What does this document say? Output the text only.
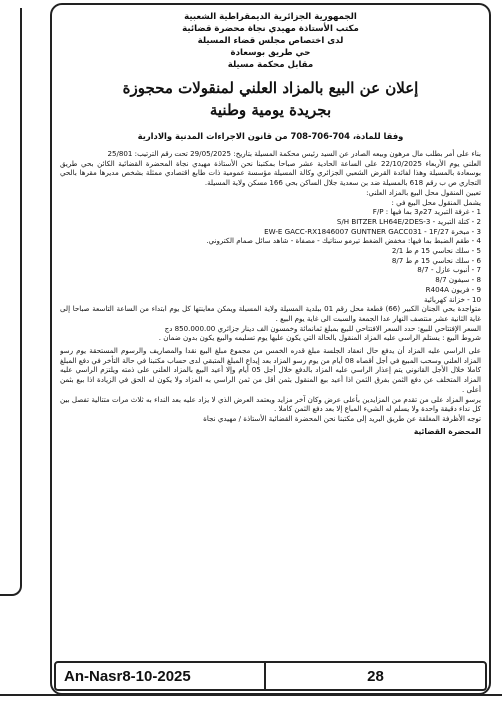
الجمهورية الجزائرية الديمقراطية الشعبية
مكتب الأستاذة مهيدي نجاة محضرة قضائية
لدى اختصاص مجلس قضاء المسيلة
حي طريق بوسعادة
مقابل محكمة مسيلة
إعلان عن البيع بالمزاد العلني لمنقولات محجوزة
بجريدة يومية وطنية
وفقا للمادة، 704-706-708 من قانون الاجراءات المدنية والادارية

بناء على أمر بطلب مال مرهون وبيعه الصادر عن السيد رئيس محكمة المسيلة بتاريخ: 29/05/2025 تحت رقم الترتيب: 25/801

العلني يوم الأربعاء 22/10/2025 على الساعة الحادية عشر صباحا بمكتبنا نحن الأستاذة مهيدي نجاة المحضرة القضائية الكائن بحي طريق بوسعادة بالمسيلة وهذا لفائدة القرض الشعبي الجزائري وكالة المسيلة مؤسسة عمومية ذات طابع اقتصادي ممثلة بشخص مديرها مقرها بالحي التجاري ص ب رقم 618 بالمسيلة ضد بن سعدية جلال الساكن بحي 166 مسكن ولاية المسيلة.

تعيين المنقول محل البيع بالمزاد العلني:

يشمل المنقول محل البيع في :

1 - غرفة التبريد 27م3 بما فيها : F/P

2 - كتلة التبريد - S/H BITZER LH64E/2DES-3

3 - مبخرة EW-E GACC-RX1846007 GUNTNER GACC031 - 1F/27

4 - طقم الضبط بما فيها: مخفض الضغط تيرمو ستاتيك - مصفاة - شاهد سائل صمام الكتروني.

5 - سلك نحاسي 15 م ط 2/1

6 - سلك نحاسي 15 م ط 8/7

7 - أنبوب عازل - 8/7

8 - سيفون 8/7

9 - فريون R404A

10 - خزانة كهربائية

متواجدة بحي الجنان الكبير (66) قطعة محل رقم 01 ببلدية المسيلة ولاية المسيلة ويمكن معاينتها كل يوم ابتداء من الساعة التاسعة صباحا إلى غاية الثانية عشر منتصف النهار عدا الجمعة والسبت الى غاية يوم البيع .

السعر الإفتتاحي للبيع: حدد السعر الافتتاحي للبيع بمبلغ ثمانمائة وخمسون الف دينار جزائري 850.000.00 دج

شروط البيع : يستلم الراسي عليه المزاد المنقول بالحالة التي يكون عليها يوم تسليمه والبيع يكون بدون ضمان .

على الراسي عليه المزاد أن يدفع حال انعقاد الجلسة مبلغ قدره الخمس من مجموع مبلغ البيع نقدا والمصاريف والرسوم المستحقة يوم رسو المزاد العلني وسحب المبيع في أجل أقصاه 08 أيام من يوم رسو المزاد بعد إيداع المبلغ المتبقي لدى حساب مكتبنا في حالة التأخر في دفع المبلغ كاملا خلال الأجل القانوني يتم إعذار الراسي عليه المزاد بالدفع خلال أجل 05 أيام وإلا أعيد البيع بالمزاد العلني على ذمته ويلتزم الراسي عليه المزاد المتخلف عن دفع الثمن بفرق الثمن اذا أعيد بيع المنقول بثمن أقل من ثمن الراسي به المزاد ولا يكون له الحق في الزيادة اذا بيع بثمن أعلى .

يرسو المزاد على من تقدم من المزايدين بأعلى عرض وكان آخر مزايد ويعتمد العرض الذي لا يزاد عليه بعد النداء به ثلاث مرات متتالية تفصل بين كل نداء دقيقة واحدة ولا يسلم له الشيء المباع إلا بعد دفع الثمن كاملا .

توجه الأظرفة المغلقة عن طريق البريد إلى مكتبنا نحن المحضرة القضائية الأستاذة / مهيدي نجاة

المحضرة القضائية
An-Nasr8-10-2025	28
